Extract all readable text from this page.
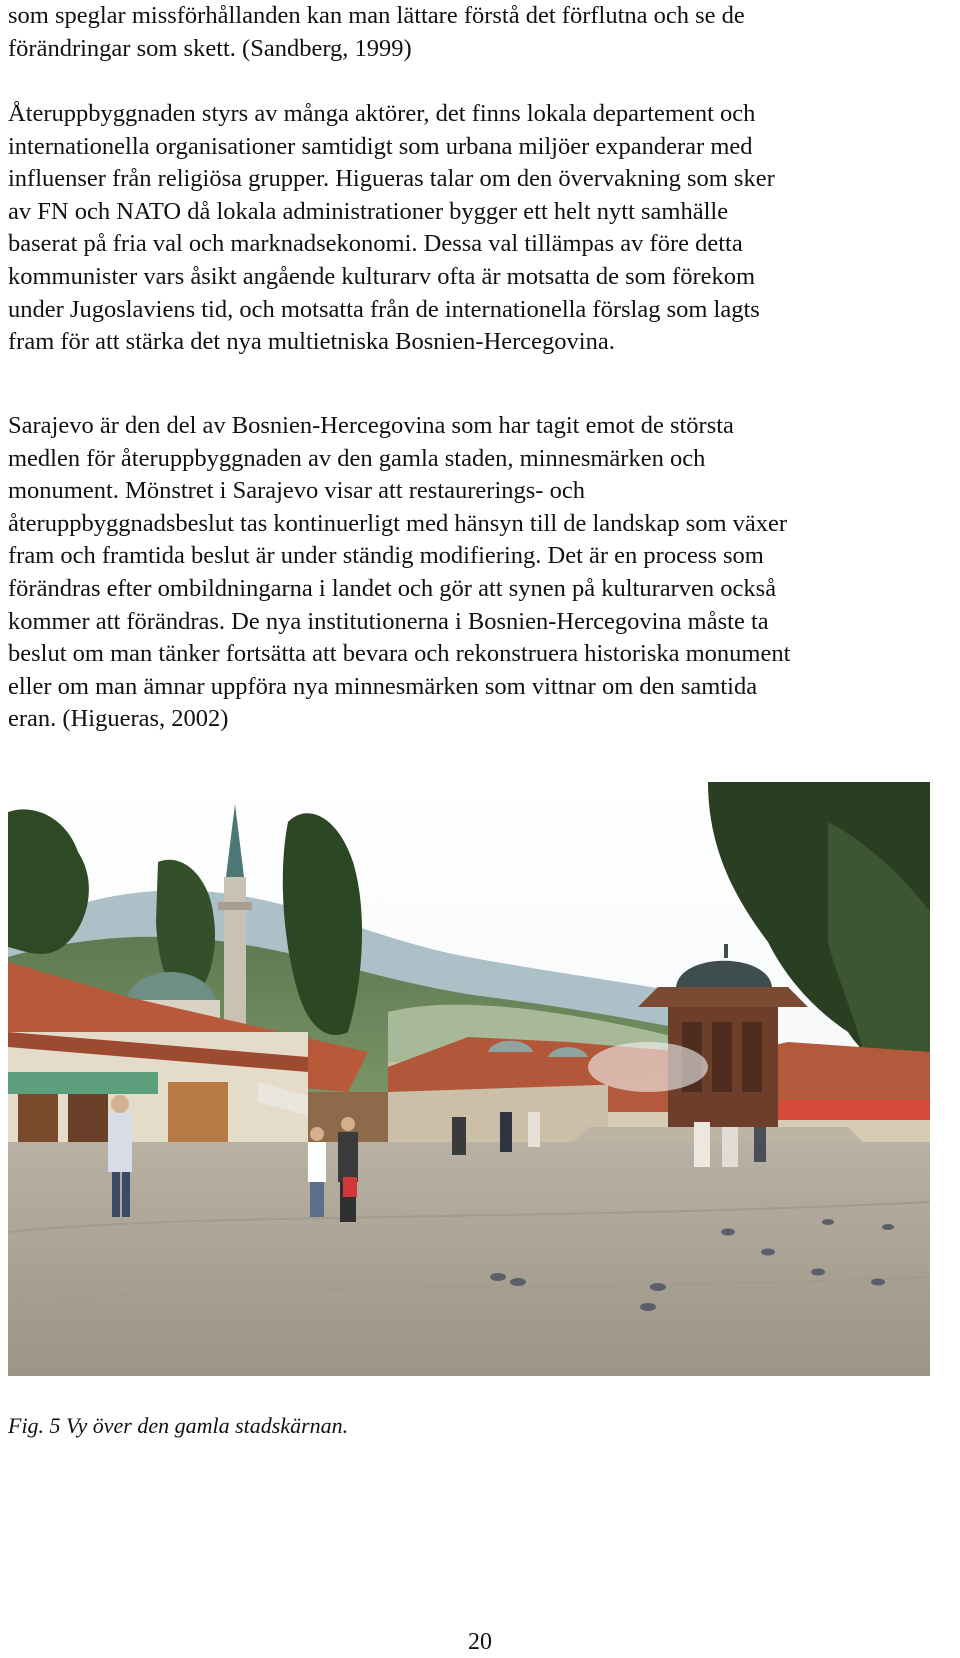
som speglar missförhållanden kan man lättare förstå det förflutna och se de
förändringar som skett. (Sandberg, 1999)

Återuppbyggnaden styrs av många aktörer, det finns lokala departement och
internationella organisationer samtidigt som urbana miljöer expanderar med
influenser från religiösa grupper. Higueras talar om den övervakning som sker
av FN och NATO då lokala administrationer bygger ett helt nytt samhälle
baserat på fria val och marknadsekonomi. Dessa val tillämpas av före detta
kommunister vars åsikt angående kulturarv ofta är motsatta de som förekom
under Jugoslaviens tid, och motsatta från de internationella förslag som lagts
fram för att stärka det nya multietniska Bosnien-Hercegovina.

Sarajevo är den del av Bosnien-Hercegovina som har tagit emot de största
medlen för återuppbyggnaden av den gamla staden, minnesmärken och
monument. Mönstret i Sarajevo visar att restaurerings- och
återuppbyggnadsbeslut tas kontinuerligt med hänsyn till de landskap som växer
fram och framtida beslut är under ständig modifiering. Det är en process som
förändras efter ombildningarna i landet och gör att synen på kulturarven också
kommer att förändras. De nya institutionerna i Bosnien-Hercegovina måste ta
beslut om man tänker fortsätta att bevara och rekonstruera historiska monument
eller om man ämnar uppföra nya minnesmärken som vittnar om den samtida
eran. (Higueras, 2002)

Fig. 5 Vy över den gamla stadskärnan.

20
